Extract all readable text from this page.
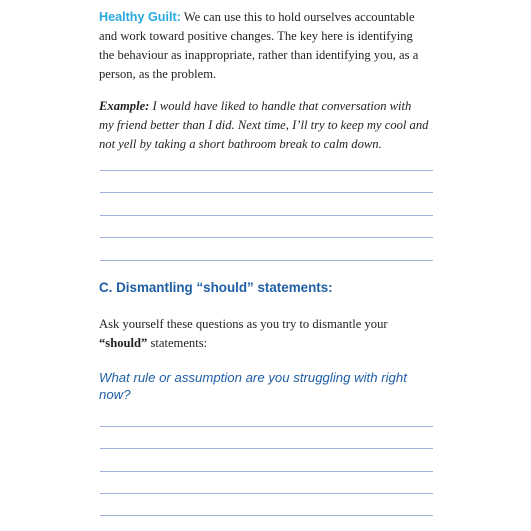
Healthy Guilt: We can use this to hold ourselves accountable and work toward positive changes. The key here is identifying the behaviour as inappropriate, rather than identifying you, as a person, as the problem.

Example: I would have liked to handle that conversation with my friend better than I did. Next time, I’ll try to keep my cool and not yell by taking a short bathroom break to calm down.

C. Dismantling “should” statements:

Ask yourself these questions as you try to dismantle your “should” statements:

What rule or assumption are you struggling with right now?
